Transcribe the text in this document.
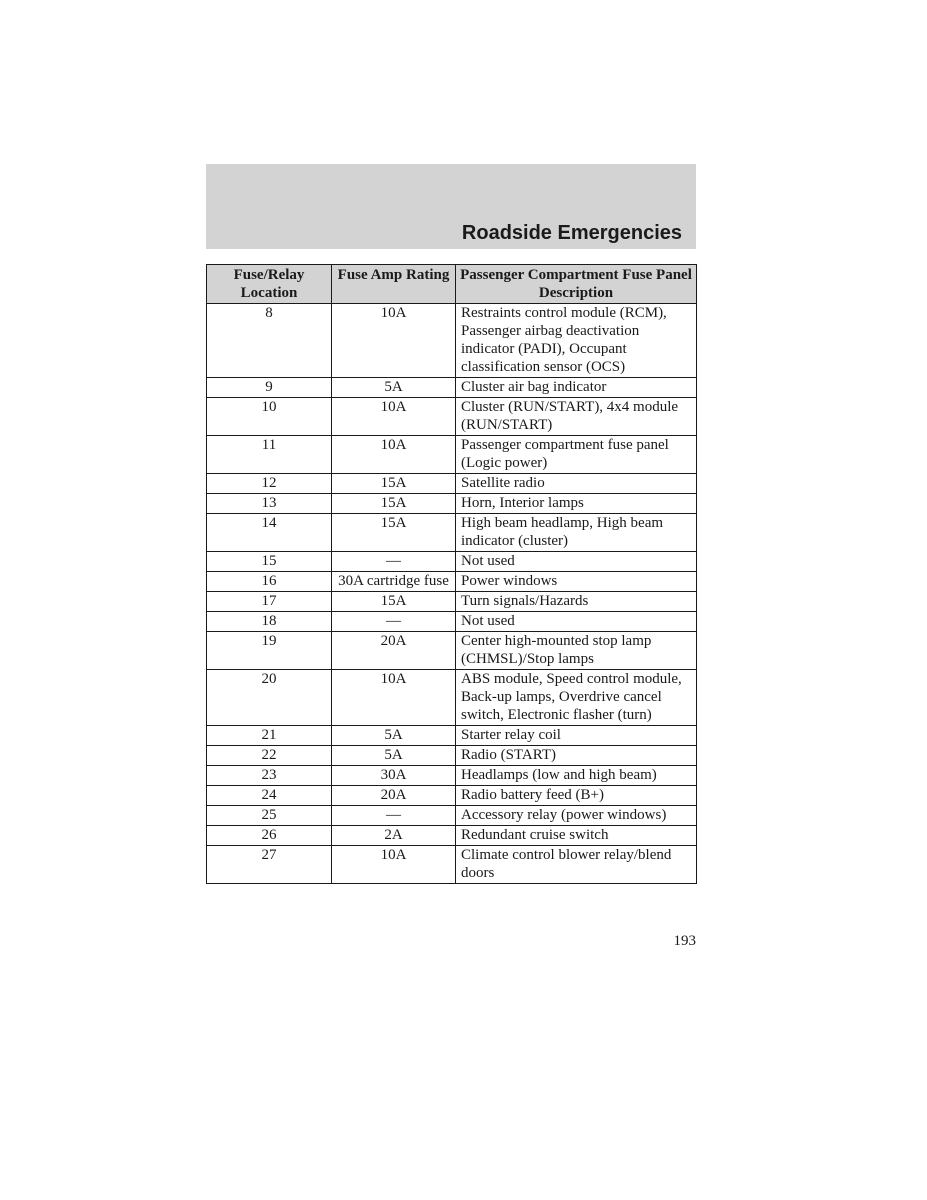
Roadside Emergencies
Fuse/Relay Location	Fuse Amp Rating	Passenger Compartment Fuse Panel Description
8	10A	Restraints control module (RCM), Passenger airbag deactivation indicator (PADI), Occupant classification sensor (OCS)
9	5A	Cluster air bag indicator
10	10A	Cluster (RUN/START), 4x4 module (RUN/START)
11	10A	Passenger compartment fuse panel (Logic power)
12	15A	Satellite radio
13	15A	Horn, Interior lamps
14	15A	High beam headlamp, High beam indicator (cluster)
15	—	Not used
16	30A cartridge fuse	Power windows
17	15A	Turn signals/Hazards
18	—	Not used
19	20A	Center high-mounted stop lamp (CHMSL)/Stop lamps
20	10A	ABS module, Speed control module, Back-up lamps, Overdrive cancel switch, Electronic flasher (turn)
21	5A	Starter relay coil
22	5A	Radio (START)
23	30A	Headlamps (low and high beam)
24	20A	Radio battery feed (B+)
25	—	Accessory relay (power windows)
26	2A	Redundant cruise switch
27	10A	Climate control blower relay/blend doors
193
